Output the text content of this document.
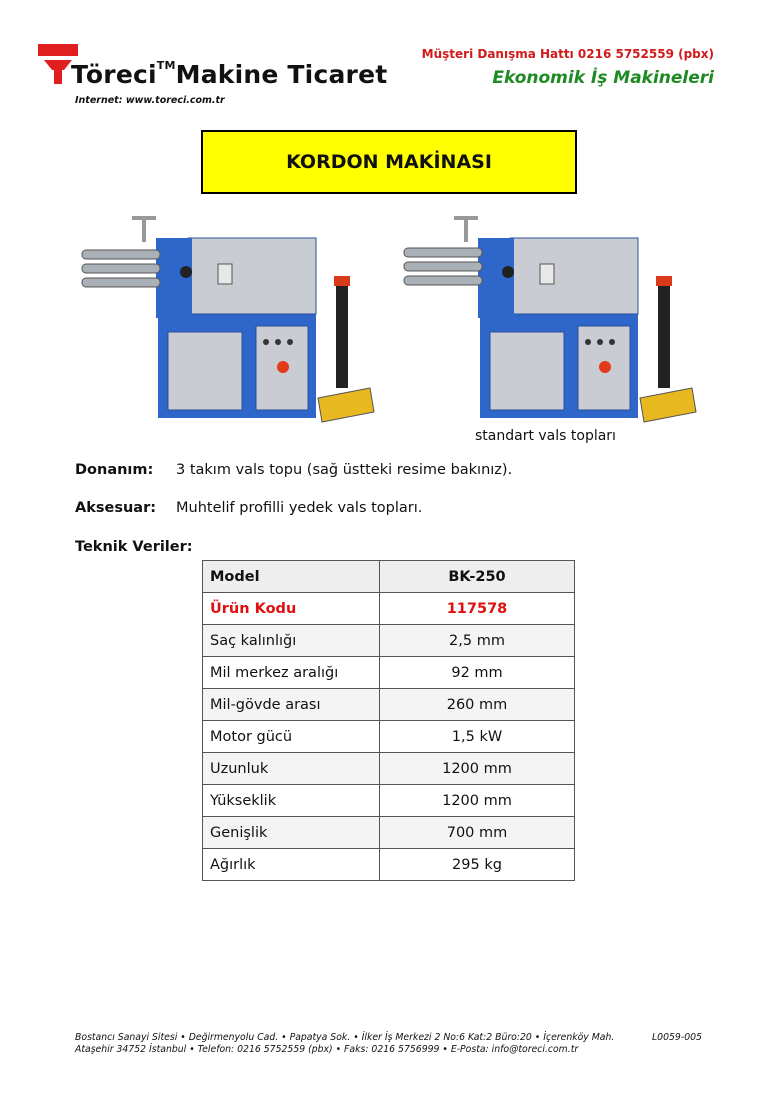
Töreci™Makine Ticaret
Internet: www.toreci.com.tr
Müşteri Danışma Hattı 0216 5752559 (pbx)
Ekonomik İş Makineleri
KORDON MAKİNASI
standart vals topları
Donanım: 3 takım vals topu (sağ üstteki resime bakınız).
Aksesuar: Muhtelif profilli yedek vals topları.
Teknik Veriler:
Model	BK-250
Ürün Kodu	117578
Saç kalınlığı	2,5 mm
Mil merkez aralığı	92 mm
Mil-gövde arası	260 mm
Motor gücü	1,5 kW
Uzunluk	1200 mm
Yükseklik	1200 mm
Genişlik	700 mm
Ağırlık	295 kg
Bostancı Sanayi Sitesi • Değirmenyolu Cad. • Papatya Sok. • İlker İş Merkezi 2 No:6 Kat:2 Büro:20 • İçerenköy Mah.
Ataşehir 34752 İstanbul • Telefon: 0216 5752559 (pbx) • Faks: 0216 5756999 • E-Posta: info@toreci.com.tr
L0059-005
